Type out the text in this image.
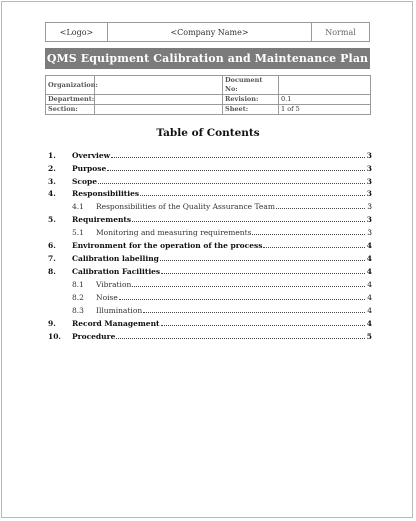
<Logo>	<Company Name>	Normal
QMS Equipment Calibration and Maintenance Plan
Organization:		Document No:	
Department:		Revision:	0.1
Section:		Sheet:	1 of 5
Table of Contents
1.	Overview	3
2.	Purpose	3
3.	Scope	3
4.	Responsibilities	3
4.1	Responsibilities of the Quality Assurance Team	3
5.	Requirements	3
5.1	Monitoring and measuring requirements	3
6.	Environment for the operation of the process	4
7.	Calibration labelling	4
8.	Calibration Facilities	4
8.1	Vibration	4
8.2	Noise	4
8.3	Illumination	4
9.	Record Management	4
10.	Procedure	5
